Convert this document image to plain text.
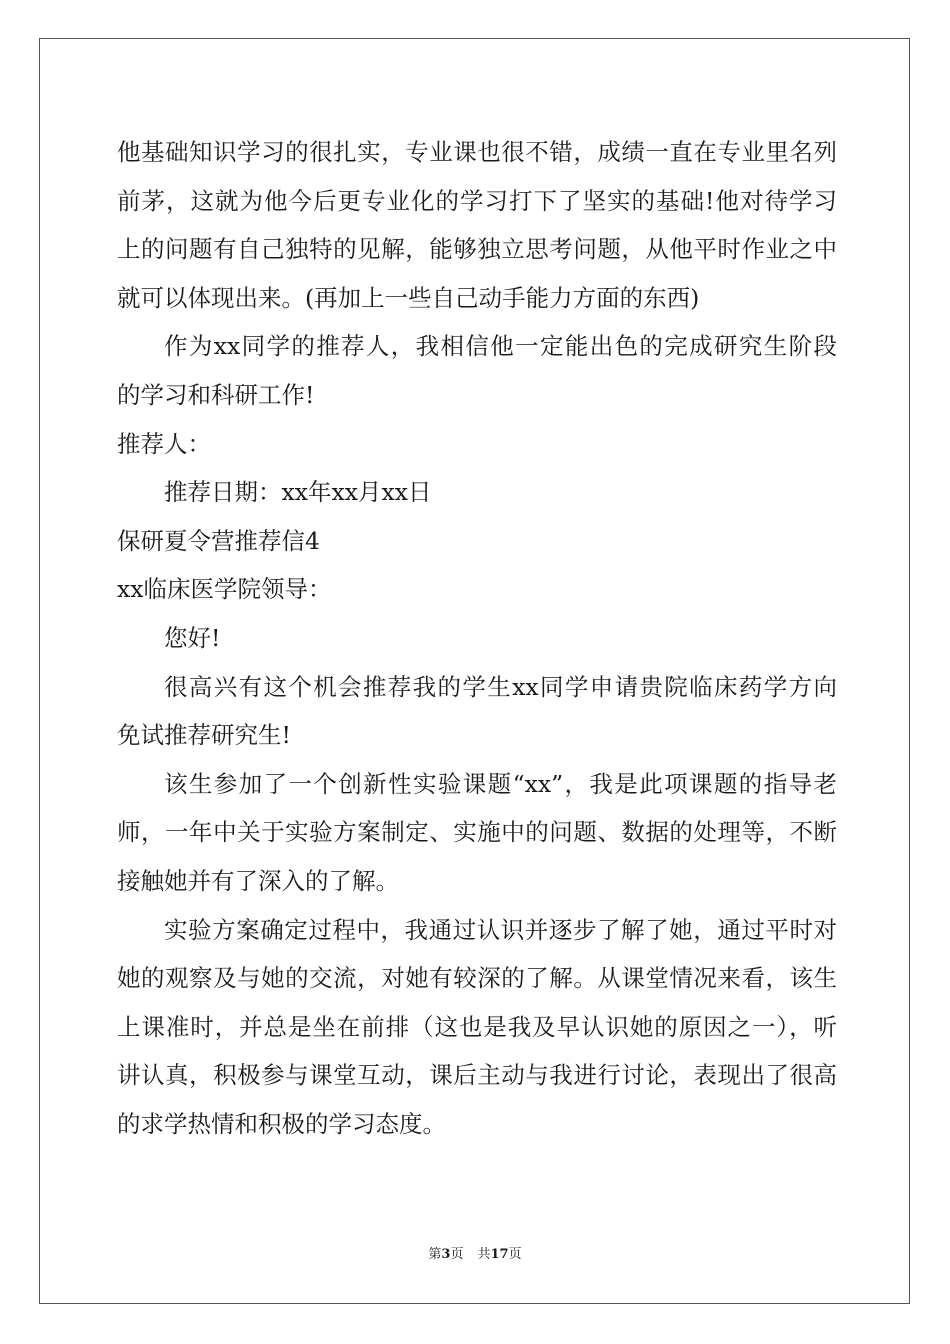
他基础知识学习的很扎实，专业课也很不错，成绩一直在专业里名列
前茅，这就为他今后更专业化的学习打下了坚实的基础!他对待学习
上的问题有自己独特的见解，能够独立思考问题，从他平时作业之中
就可以体现出来。(再加上一些自己动手能力方面的东西)
作为xx同学的推荐人，我相信他一定能出色的完成研究生阶段
的学习和科研工作!
推荐人：
推荐日期：xx年xx月xx日
保研夏令营推荐信4
xx临床医学院领导：
您好!
很高兴有这个机会推荐我的学生xx同学申请贵院临床药学方向
免试推荐研究生!
该生参加了一个创新性实验课题“xx”，我是此项课题的指导老
师，一年中关于实验方案制定、实施中的问题、数据的处理等，不断
接触她并有了深入的了解。
实验方案确定过程中，我通过认识并逐步了解了她，通过平时对
她的观察及与她的交流，对她有较深的了解。从课堂情况来看，该生
上课准时，并总是坐在前排（这也是我及早认识她的原因之一），听
讲认真，积极参与课堂互动，课后主动与我进行讨论，表现出了很高
的求学热情和积极的学习态度。
第3页 共17页
